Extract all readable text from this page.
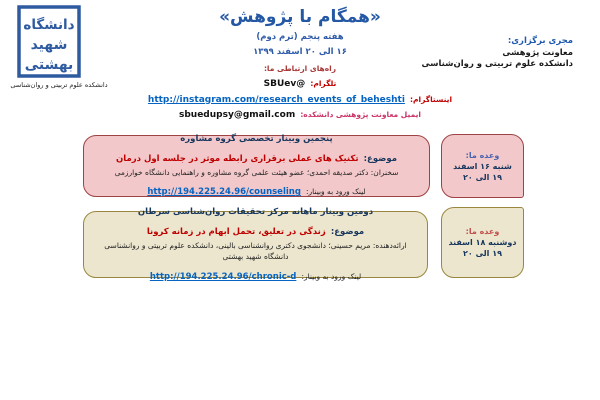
دانشگاه
شهید
بهشتی
دانشکده علوم تربیتی و روان‌شناسی
«همگام با پژوهش»
هفته پنجم (ترم دوم)
۱۶ الی ۲۰ اسفند ۱۳۹۹
مجری برگزاری:
معاونت پژوهشی
دانشکده علوم تربیتی و روان‌شناسی
راه‌های ارتباطی ما:
تلگرام: @SBUev
اینستاگرام: http://instagram.com/research_events_of_beheshti
ایمیل معاونت پژوهشی دانشکده: sbuedupsy@gmail.com
پنجمین وبینار تخصصی گروه مشاوره
موضوع: تکنیک های عملی برقراری رابطه موثر در جلسه اول درمان
سخنران: دکتر صدیقه احمدی؛ عضو هیئت علمی گروه مشاوره و راهنمایی دانشگاه خوارزمی
لینک ورود به وبینار: http://194.225.24.96/counseling
وعده ما:
شنبه ۱۶ اسفند
۱۹ الی ۲۰
دومین وبینار ماهانه مرکز تحقیقات روان‌شناسی سرطان
موضوع: زندگی در تعلیق، تحمل ابهام در زمانه کرونا
ارائه‌دهنده: مریم حسینی؛ دانشجوی دکتری روانشناسی بالینی، دانشکده علوم تربیتی و روانشناسی
دانشگاه شهید بهشتی
لینک ورود به وبینار: http://194.225.24.96/chronic-d
وعده ما:
دوشنبه ۱۸ اسفند
۱۹ الی ۲۰
